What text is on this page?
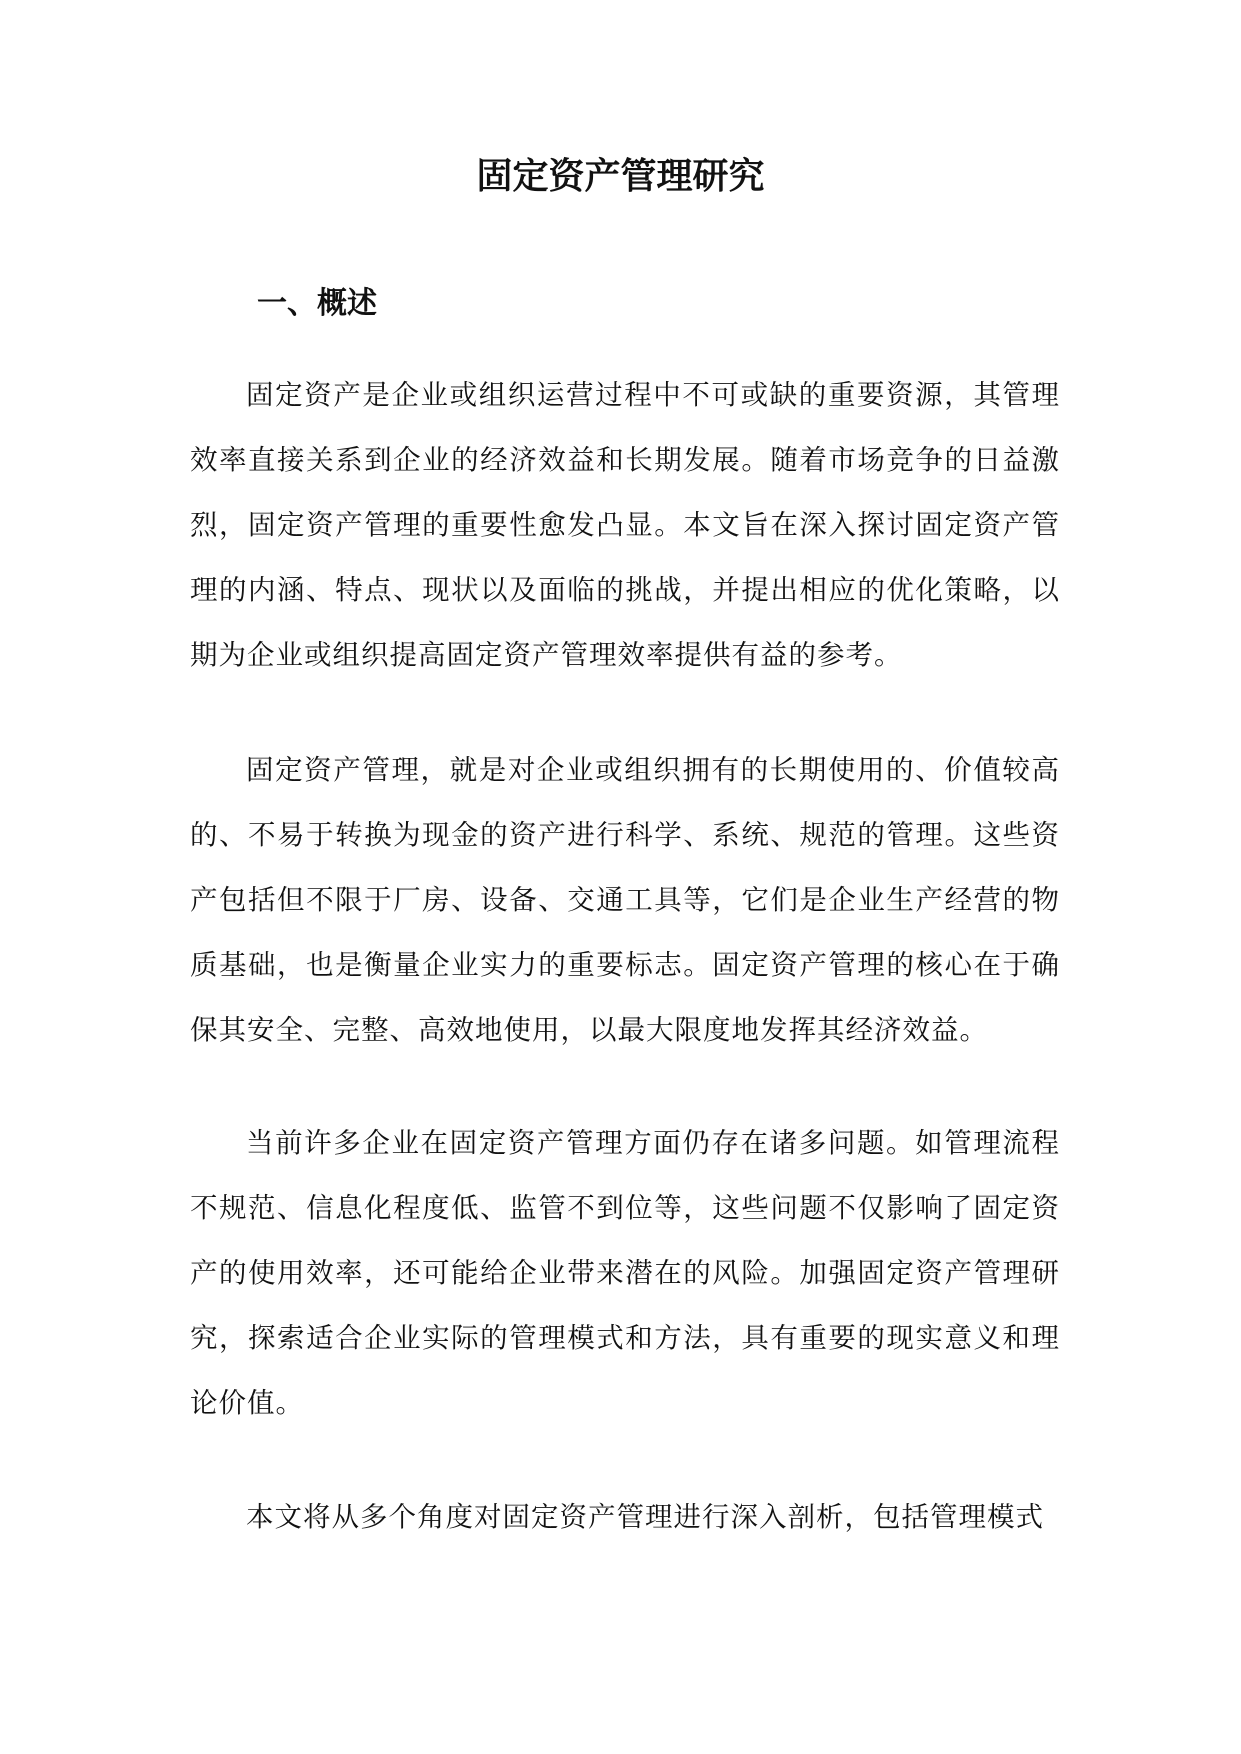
固定资产管理研究
一、概述

固定资产是企业或组织运营过程中不可或缺的重要资源，其管理效率直接关系到企业的经济效益和长期发展。随着市场竞争的日益激烈，固定资产管理的重要性愈发凸显。本文旨在深入探讨固定资产管理的内涵、特点、现状以及面临的挑战，并提出相应的优化策略，以期为企业或组织提高固定资产管理效率提供有益的参考。

固定资产管理，就是对企业或组织拥有的长期使用的、价值较高的、不易于转换为现金的资产进行科学、系统、规范的管理。这些资产包括但不限于厂房、设备、交通工具等，它们是企业生产经营的物质基础，也是衡量企业实力的重要标志。固定资产管理的核心在于确保其安全、完整、高效地使用，以最大限度地发挥其经济效益。

当前许多企业在固定资产管理方面仍存在诸多问题。如管理流程不规范、信息化程度低、监管不到位等，这些问题不仅影响了固定资产的使用效率，还可能给企业带来潜在的风险。加强固定资产管理研究，探索适合企业实际的管理模式和方法，具有重要的现实意义和理论价值。

本文将从多个角度对固定资产管理进行深入剖析，包括管理模式
